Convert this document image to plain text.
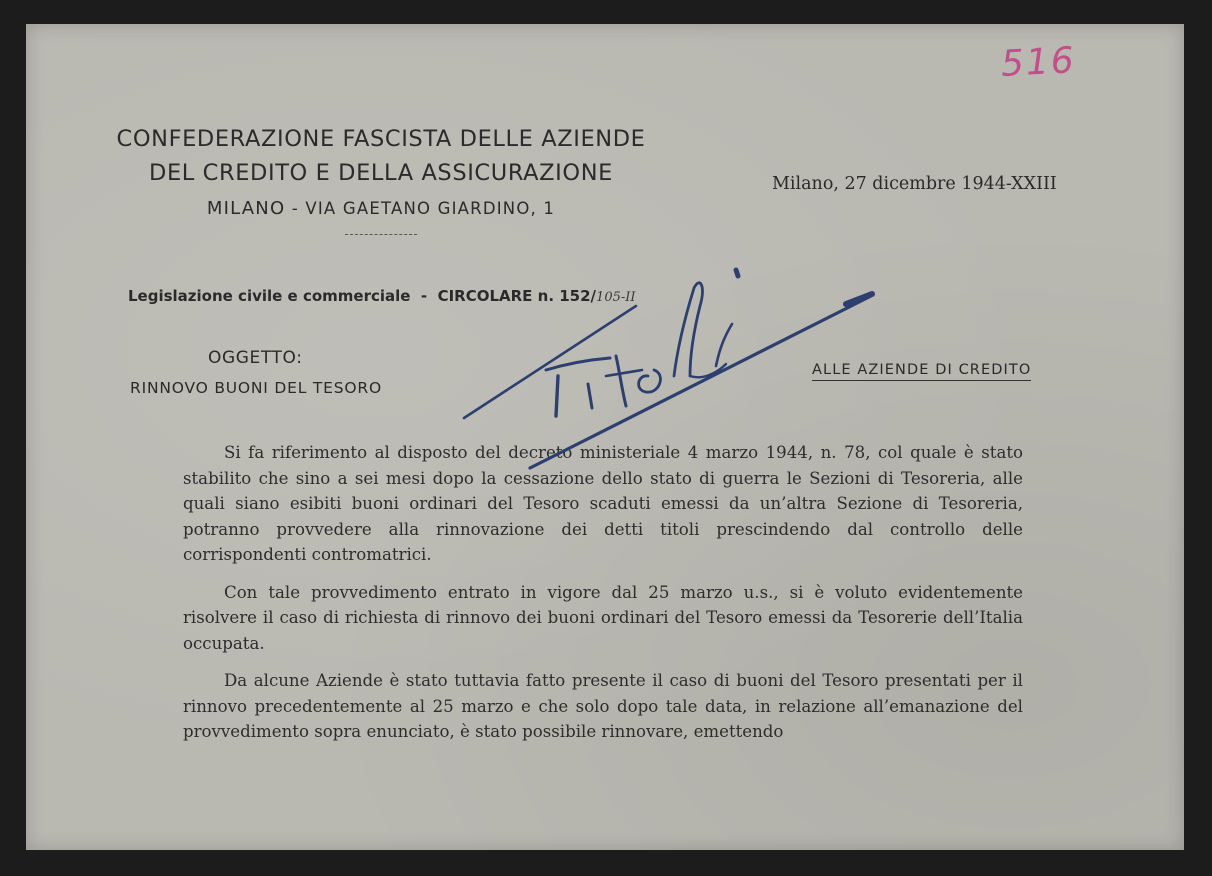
516
CONFEDERAZIONE FASCISTA DELLE AZIENDE
DEL CREDITO E DELLA ASSICURAZIONE
MILANO - VIA GAETANO GIARDINO, 1
Milano, 27 dicembre 1944-XXIII
Legislazione civile e commerciale  -  CIRCOLARE n. 152/105-II
OGGETTO:
RINNOVO BUONI DEL TESORO
ALLE AZIENDE DI CREDITO

Si fa riferimento al disposto del decreto ministeriale 4 marzo 1944, n. 78, col quale è stato stabilito che sino a sei mesi dopo la cessazione dello stato di guerra le Sezioni di Tesoreria, alle quali siano esibiti buoni ordinari del Tesoro scaduti emessi da un’altra Sezione di Tesoreria, potranno provvedere alla rinnovazione dei detti titoli prescindendo dal controllo delle corrispondenti contromatrici.

Con tale provvedimento entrato in vigore dal 25 marzo u.s., si è voluto evidentemente risolvere il caso di richiesta di rinnovo dei buoni ordinari del Tesoro emessi da Tesorerie dell’Italia occupata.

Da alcune Aziende è stato tuttavia fatto presente il caso di buoni del Tesoro presentati per il rinnovo precedentemente al 25 marzo e che solo dopo tale data, in relazione all’emanazione del provvedimento sopra enunciato, è stato possibile rinnovare, emettendo
